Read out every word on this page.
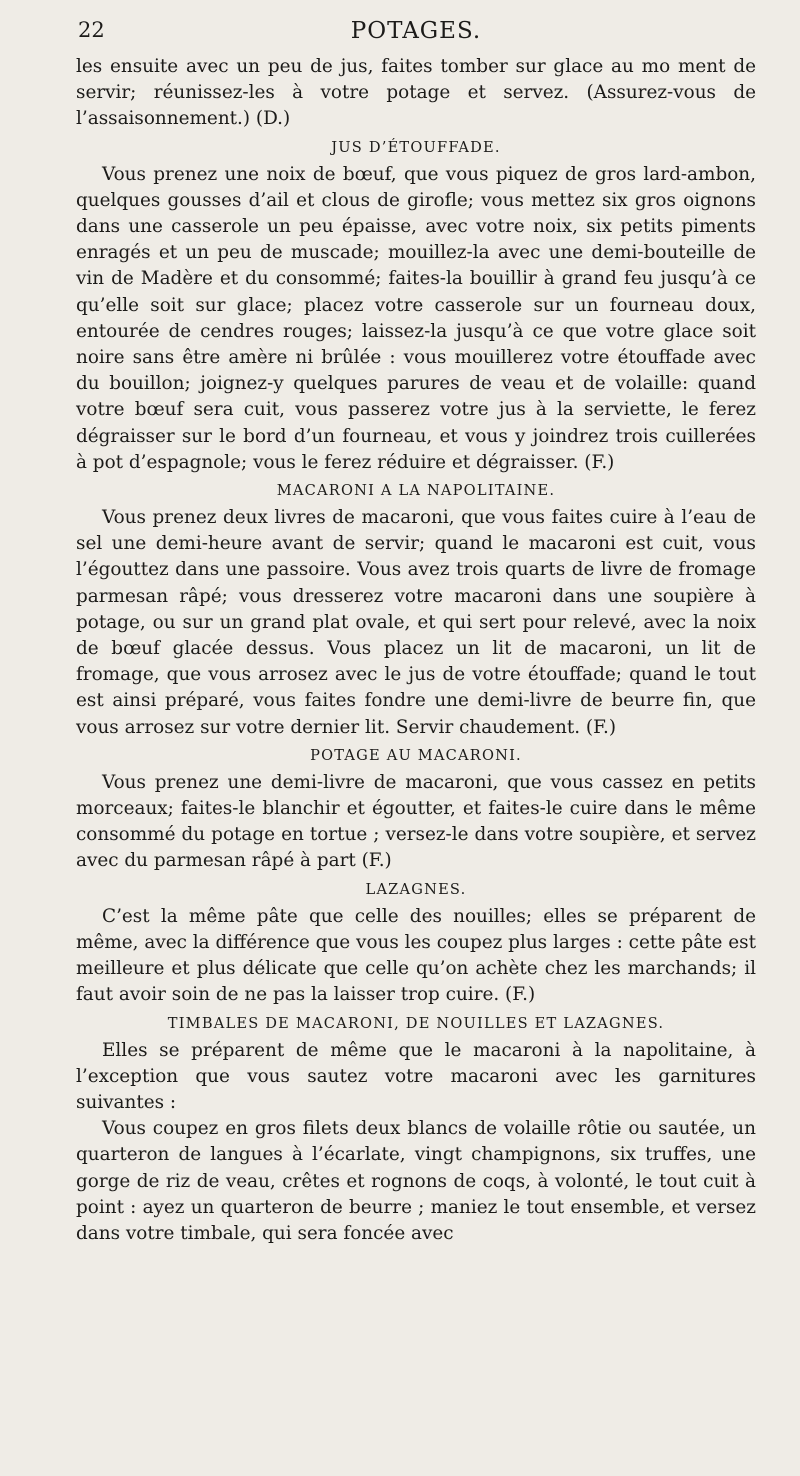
22	POTAGES.

les ensuite avec un peu de jus, faites tomber sur glace au mo ment de servir; réunissez-les à votre potage et servez. (Assurez-vous de l’assaisonnement.) (D.)

JUS D’ÉTOUFFADE.

Vous prenez une noix de bœuf, que vous piquez de gros lard-ambon, quelques gousses d’ail et clous de girofle; vous mettez six gros oignons dans une casserole un peu épaisse, avec votre noix, six petits piments enragés et un peu de muscade; mouillez-la avec une demi-bouteille de vin de Madère et du consommé; faites-la bouillir à grand feu jusqu’à ce qu’elle soit sur glace; placez votre casserole sur un fourneau doux, entourée de cendres rouges; laissez-la jusqu’à ce que votre glace soit noire sans être amère ni brûlée : vous mouillerez votre étouffade avec du bouillon; joignez-y quelques parures de veau et de volaille: quand votre bœuf sera cuit, vous passerez votre jus à la serviette, le ferez dégraisser sur le bord d’un fourneau, et vous y joindrez trois cuillerées à pot d’espagnole; vous le ferez réduire et dégraisser. (F.)

MACARONI A LA NAPOLITAINE.

Vous prenez deux livres de macaroni, que vous faites cuire à l’eau de sel une demi-heure avant de servir; quand le macaroni est cuit, vous l’égouttez dans une passoire. Vous avez trois quarts de livre de fromage parmesan râpé; vous dresserez votre macaroni dans une soupière à potage, ou sur un grand plat ovale, et qui sert pour relevé, avec la noix de bœuf glacée dessus. Vous placez un lit de macaroni, un lit de fromage, que vous arrosez avec le jus de votre étouffade; quand le tout est ainsi préparé, vous faites fondre une demi-livre de beurre fin, que vous arrosez sur votre dernier lit. Servir chaudement. (F.)

POTAGE AU MACARONI.

Vous prenez une demi-livre de macaroni, que vous cassez en petits morceaux; faites-le blanchir et égoutter, et faites-le cuire dans le même consommé du potage en tortue ; versez-le dans votre soupière, et servez avec du parmesan râpé à part (F.)

LAZAGNES.

C’est la même pâte que celle des nouilles; elles se préparent de même, avec la différence que vous les coupez plus larges : cette pâte est meilleure et plus délicate que celle qu’on achète chez les marchands; il faut avoir soin de ne pas la laisser trop cuire. (F.)

TIMBALES DE MACARONI, DE NOUILLES ET LAZAGNES.

Elles se préparent de même que le macaroni à la napolitaine, à l’exception que vous sautez votre macaroni avec les garnitures suivantes :

Vous coupez en gros filets deux blancs de volaille rôtie ou sautée, un quarteron de langues à l’écarlate, vingt champignons, six truffes, une gorge de riz de veau, crêtes et rognons de coqs, à volonté, le tout cuit à point : ayez un quarteron de beurre ; maniez le tout ensemble, et versez dans votre timbale, qui sera foncée avec
